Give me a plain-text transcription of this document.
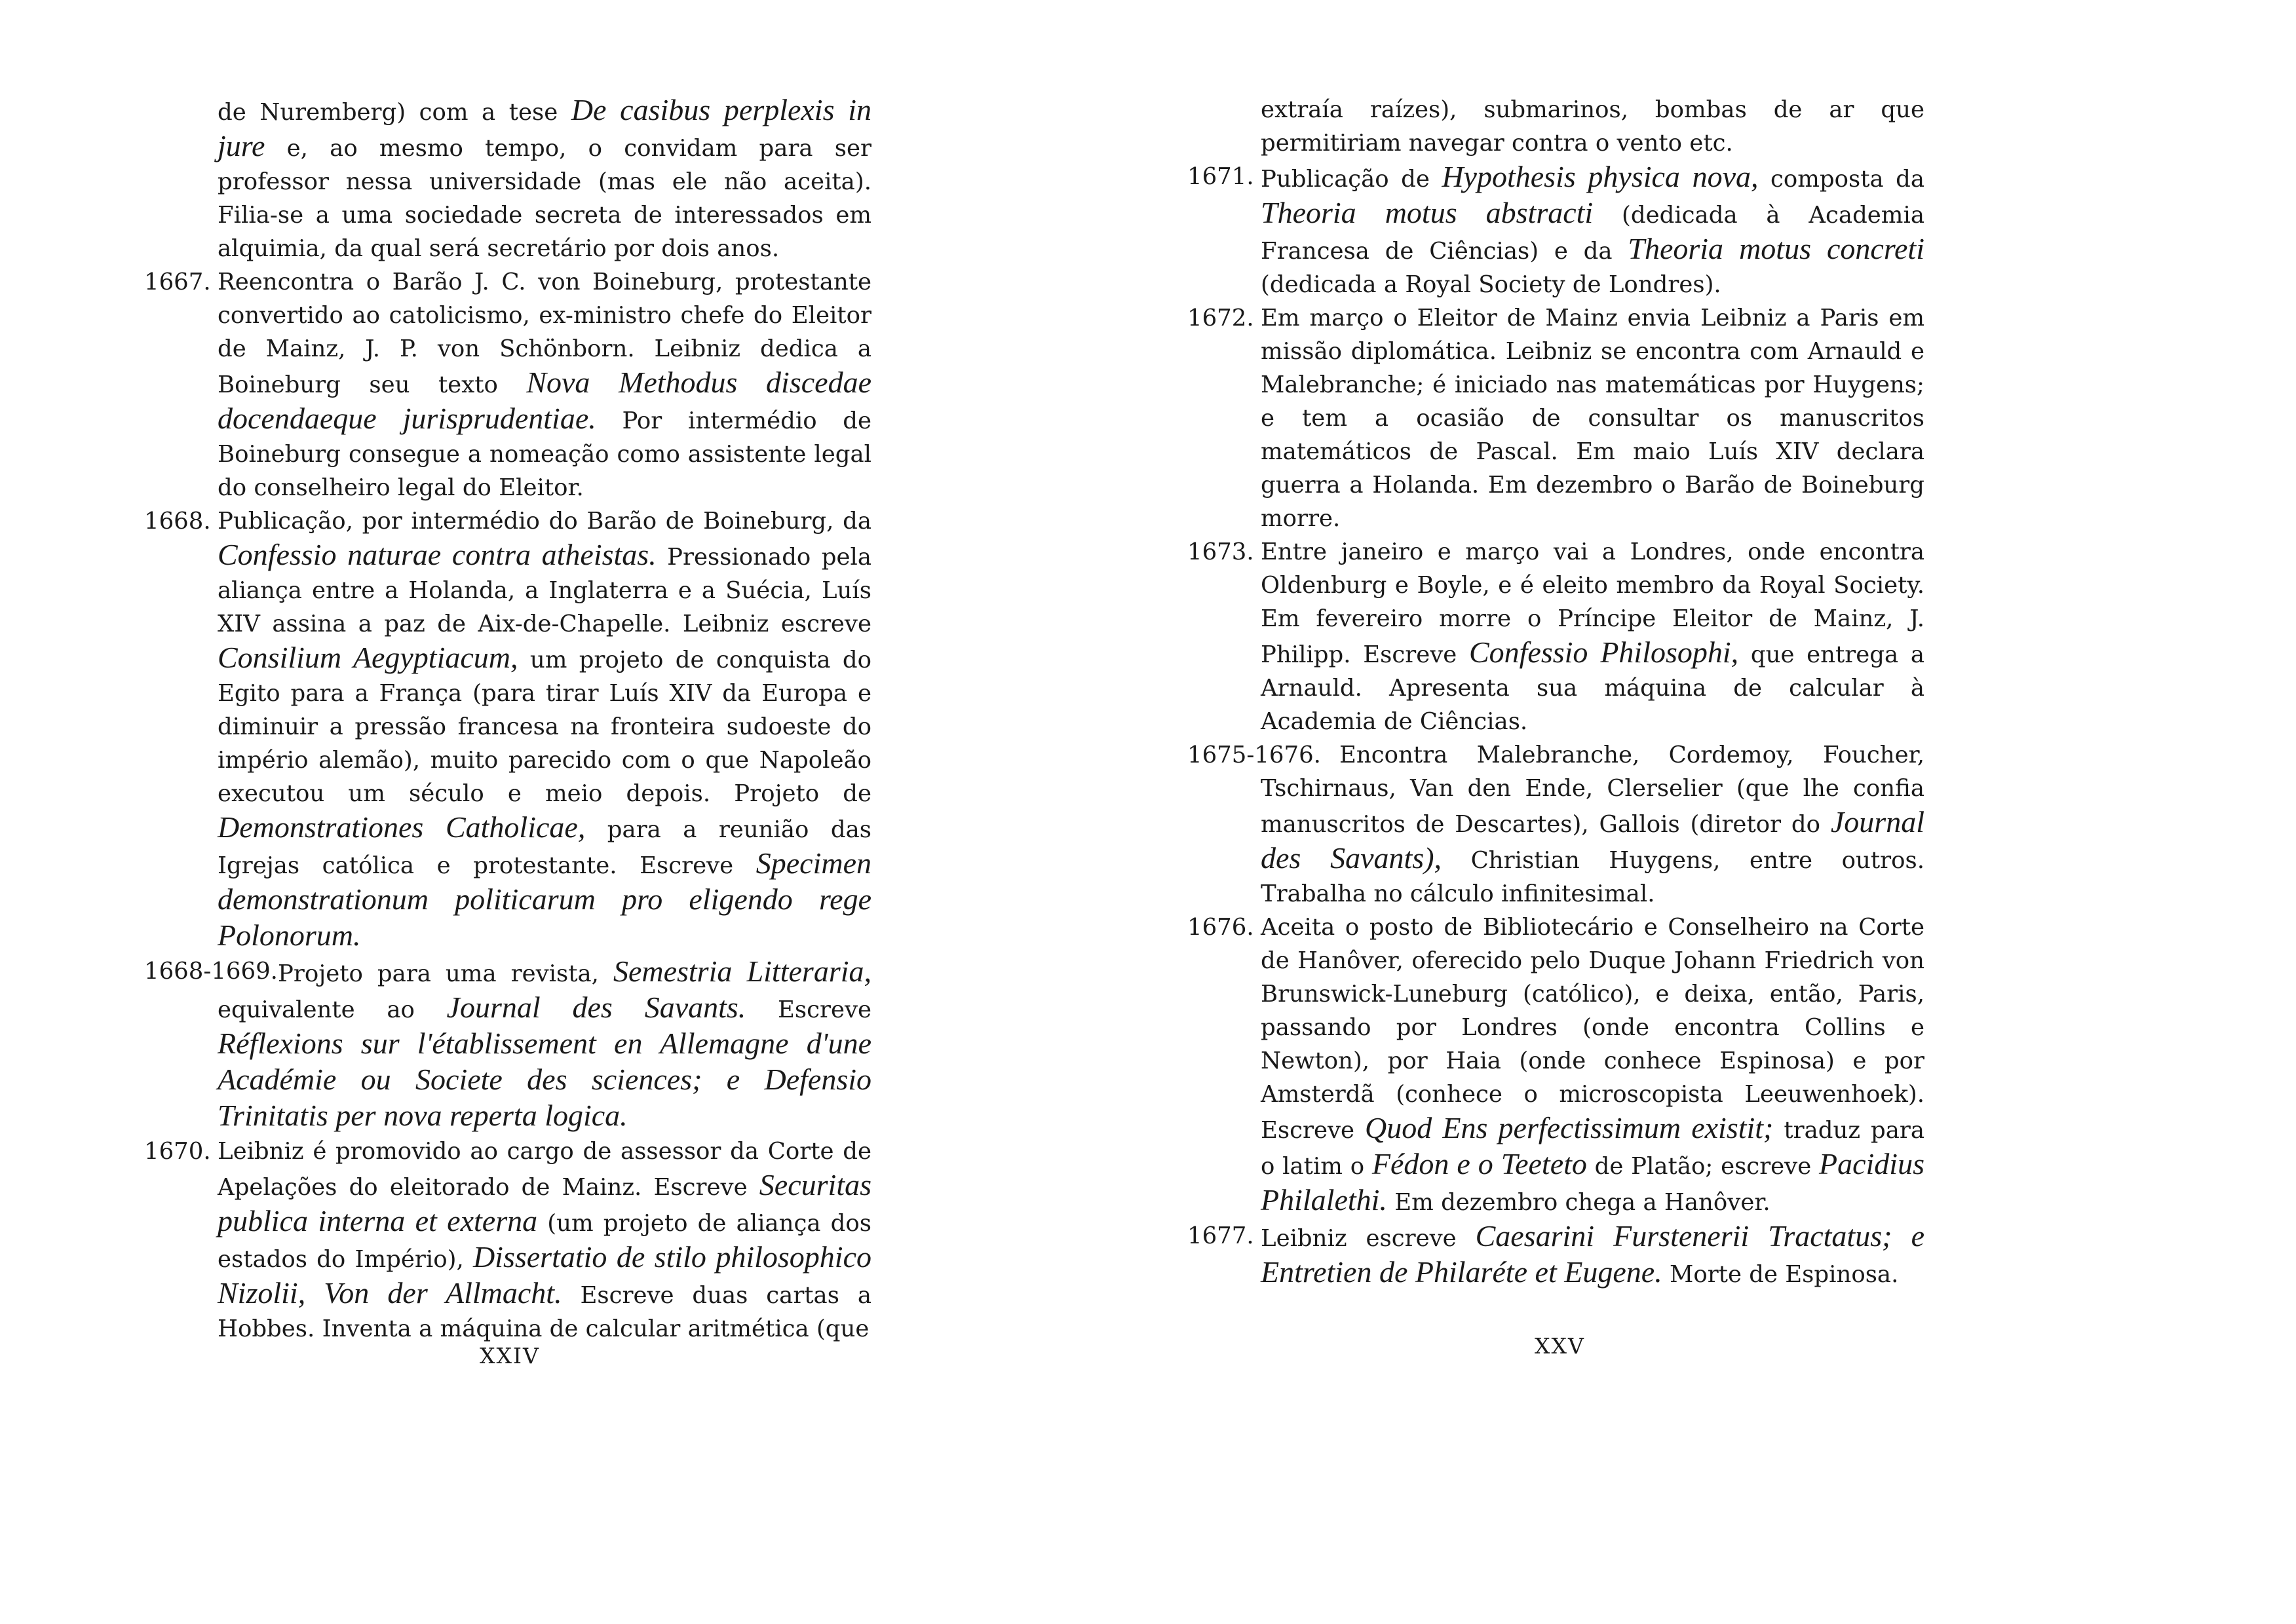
de Nuremberg) com a tese De casibus perplexis in jure e, ao mesmo tempo, o convidam para ser professor nessa universidade (mas ele não aceita). Filia-se a uma sociedade secreta de interessados em alquimia, da qual será secretário por dois anos.

1667. Reencontra o Barão J. C. von Boineburg, protestante convertido ao catolicismo, ex-ministro chefe do Eleitor de Mainz, J. P. von Schönborn. Leibniz dedica a Boineburg seu texto Nova Methodus discedae docendaeque jurisprudentiae. Por intermédio de Boineburg consegue a nomeação como assistente legal do conselheiro legal do Eleitor.

1668. Publicação, por intermédio do Barão de Boineburg, da Confessio naturae contra atheistas. Pressionado pela aliança entre a Holanda, a Inglaterra e a Suécia, Luís XIV assina a paz de Aix-de-Chapelle. Leibniz escreve Consilium Aegyptiacum, um projeto de conquista do Egito para a França (para tirar Luís XIV da Europa e diminuir a pressão francesa na fronteira sudoeste do império alemão), muito parecido com o que Napoleão executou um século e meio depois. Projeto de Demonstrationes Catholicae, para a reunião das Igrejas católica e protestante. Escreve Specimen demonstrationum politicarum pro eligendo rege Polonorum.

1668-1669. Projeto para uma revista, Semestria Litteraria, equivalente ao Journal des Savants. Escreve Réflexions sur l'établissement en Allemagne d'une Académie ou Societe des sciences; e Defensio Trinitatis per nova reperta logica.

1670. Leibniz é promovido ao cargo de assessor da Corte de Apelações do eleitorado de Mainz. Escreve Securitas publica interna et externa (um projeto de aliança dos estados do Império), Dissertatio de stilo philosophico Nizolii, Von der Allmacht. Escreve duas cartas a Hobbes. Inventa a máquina de calcular aritmética (que

XXIV

extraía raízes), submarinos, bombas de ar que permitiriam navegar contra o vento etc.

1671. Publicação de Hypothesis physica nova, composta da Theoria motus abstracti (dedicada à Academia Francesa de Ciências) e da Theoria motus concreti (dedicada a Royal Society de Londres).

1672. Em março o Eleitor de Mainz envia Leibniz a Paris em missão diplomática. Leibniz se encontra com Arnauld e Malebranche; é iniciado nas matemáticas por Huygens; e tem a ocasião de consultar os manuscritos matemáticos de Pascal. Em maio Luís XIV declara guerra a Holanda. Em dezembro o Barão de Boineburg morre.

1673. Entre janeiro e março vai a Londres, onde encontra Oldenburg e Boyle, e é eleito membro da Royal Society. Em fevereiro morre o Príncipe Eleitor de Mainz, J. Philipp. Escreve Confessio Philosophi, que entrega a Arnauld. Apresenta sua máquina de calcular à Academia de Ciências.

1675-1676. Encontra Malebranche, Cordemoy, Foucher, Tschirnaus, Van den Ende, Clerselier (que lhe confia manuscritos de Descartes), Gallois (diretor do Journal des Savants), Christian Huygens, entre outros. Trabalha no cálculo infinitesimal.

1676. Aceita o posto de Bibliotecário e Conselheiro na Corte de Hanôver, oferecido pelo Duque Johann Friedrich von Brunswick-Luneburg (católico), e deixa, então, Paris, passando por Londres (onde encontra Collins e Newton), por Haia (onde conhece Espinosa) e por Amsterdã (conhece o microscopista Leeuwenhoek). Escreve Quod Ens perfectissimum existit; traduz para o latim o Fédon e o Teeteto de Platão; escreve Pacidius Philalethi. Em dezembro chega a Hanôver.

1677. Leibniz escreve Caesarini Furstenerii Tractatus; e Entretien de Philaréte et Eugene. Morte de Espinosa.

XXV
